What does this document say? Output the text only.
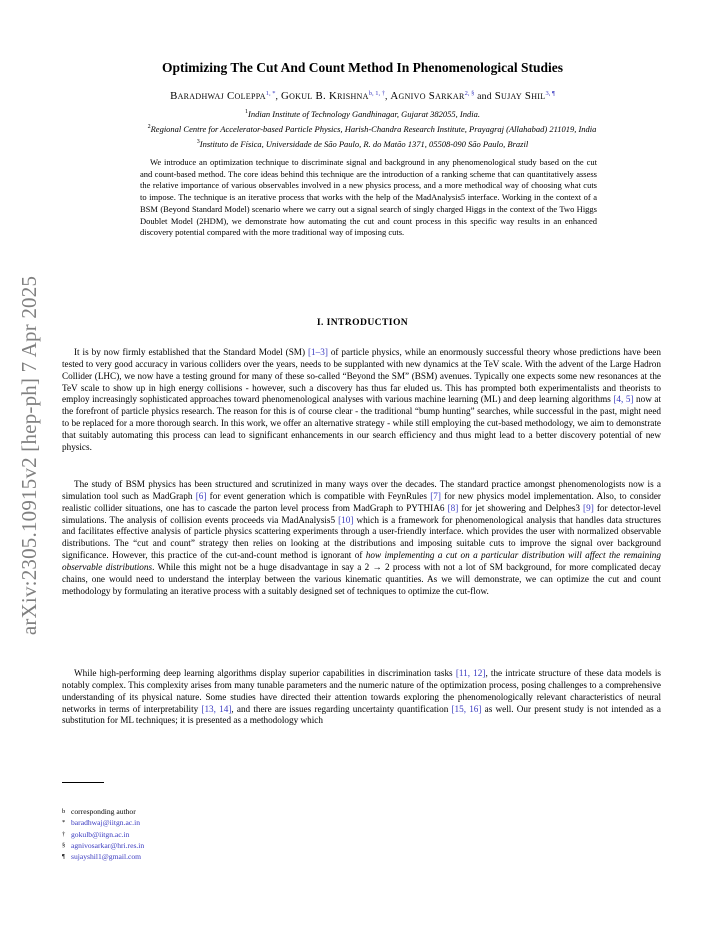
arXiv:2305.10915v2 [hep-ph] 7 Apr 2025
Optimizing The Cut And Count Method In Phenomenological Studies
Baradhwaj Coleppa$^{1, *}$, Gokul B. Krishna$^{b, 1, \dagger}$, Agnivo Sarkar$^{2, \S}$ and Sujay Shil$^{3, \P}$
$^1$Indian Institute of Technology Gandhinagar, Gujarat 382055, India.
$^2$Regional Centre for Accelerator-based Particle Physics, Harish-Chandra Research Institute, Prayagraj (Allahabad) 211019, India
$^3$Instituto de Física, Universidade de São Paulo, R. do Matão 1371, 05508-090 São Paulo, Brazil
We introduce an optimization technique to discriminate signal and background in any phenomenological study based on the cut and count-based method. The core ideas behind this technique are the introduction of a ranking scheme that can quantitatively assess the relative importance of various observables involved in a new physics process, and a more methodical way of choosing what cuts to impose. The technique is an iterative process that works with the help of the MadAnalysis5 interface. Working in the context of a BSM (Beyond Standard Model) scenario where we carry out a signal search of singly charged Higgs in the context of the Two Higgs Doublet Model (2HDM), we demonstrate how automating the cut and count process in this specific way results in an enhanced discovery potential compared with the more traditional way of imposing cuts.
I. INTRODUCTION

It is by now firmly established that the Standard Model (SM) [1–3] of particle physics, while an enormously successful theory whose predictions have been tested to very good accuracy in various colliders over the years, needs to be supplanted with new dynamics at the TeV scale. With the advent of the Large Hadron Collider (LHC), we now have a testing ground for many of these so-called “Beyond the SM” (BSM) avenues. Typically one expects some new resonances at the TeV scale to show up in high energy collisions - however, such a discovery has thus far eluded us. This has prompted both experimentalists and theorists to employ increasingly sophisticated approaches toward phenomenological analyses with various machine learning (ML) and deep learning algorithms [4, 5] now at the forefront of particle physics research. The reason for this is of course clear - the traditional “bump hunting” searches, while successful in the past, might need to be replaced for a more thorough search. In this work, we offer an alternative strategy - while still employing the cut-based methodology, we aim to demonstrate that suitably automating this process can lead to significant enhancements in our search efficiency and thus might lead to a better discovery potential of new physics.

The study of BSM physics has been structured and scrutinized in many ways over the decades. The standard practice amongst phenomenologists now is a simulation tool such as MadGraph [6] for event generation which is compatible with FeynRules [7] for new physics model implementation. Also, to consider realistic collider situations, one has to cascade the parton level process from MadGraph to PYTHIA6 [8] for jet showering and Delphes3 [9] for detector-level simulations. The analysis of collision events proceeds via MadAnalysis5 [10] which is a framework for phenomenological analysis that handles data structures and facilitates effective analysis of particle physics scattering experiments through a user-friendly interface. which provides the user with normalized observable distributions. The “cut and count” strategy then relies on looking at the distributions and imposing suitable cuts to improve the signal over background significance. However, this practice of the cut-and-count method is ignorant of how implementing a cut on a particular distribution will affect the remaining observable distributions. While this might not be a huge disadvantage in say a 2 → 2 process with not a lot of SM background, for more complicated decay chains, one would need to understand the interplay between the various kinematic quantities. As we will demonstrate, we can optimize the cut and count methodology by formulating an iterative process with a suitably designed set of techniques to optimize the cut-flow.

While high-performing deep learning algorithms display superior capabilities in discrimination tasks [11, 12], the intricate structure of these data models is notably complex. This complexity arises from many tunable parameters and the numeric nature of the optimization process, posing challenges to a comprehensive understanding of its physical nature. Some studies have directed their attention towards exploring the phenomenologically relevant characteristics of neural networks in terms of interpretability [13, 14], and there are issues regarding uncertainty quantification [15, 16] as well. Our present study is not intended as a substitution for ML techniques; it is presented as a methodology which

b corresponding author
* baradhwaj@iitgn.ac.in
† gokulb@iitgn.ac.in
§ agnivosarkar@hri.res.in
¶ sujayshil1@gmail.com
